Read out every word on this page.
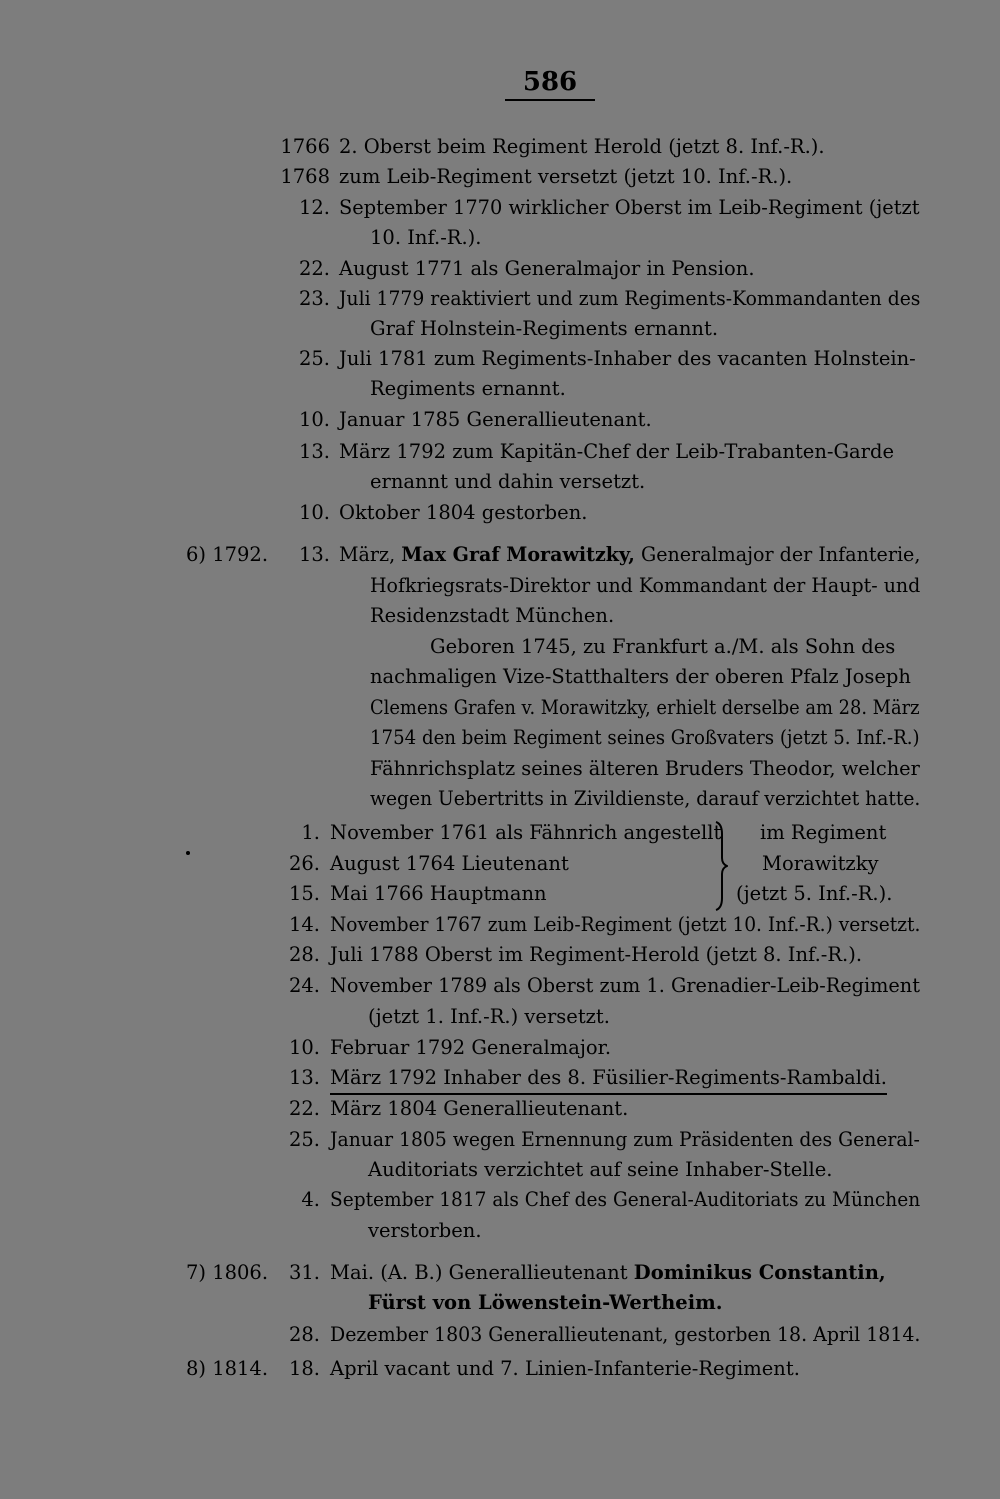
586
1766 2. Oberst beim Regiment Herold (jetzt 8. Inf.-R.).
1768 zum Leib-Regiment versetzt (jetzt 10. Inf.-R.).
12. September 1770 wirklicher Oberst im Leib-Regiment (jetzt
10. Inf.-R.).
22. August 1771 als Generalmajor in Pension.
23. Juli 1779 reaktiviert und zum Regiments-Kommandanten des
Graf Holnstein-Regiments ernannt.
25. Juli 1781 zum Regiments-Inhaber des vacanten Holnstein-
Regiments ernannt.
10. Januar 1785 Generallieutenant.
13. März 1792 zum Kapitän-Chef der Leib-Trabanten-Garde
ernannt und dahin versetzt.
10. Oktober 1804 gestorben.
6) 1792.	13. März, Max Graf Morawitzky, Generalmajor der Infanterie,
Hofkriegsrats-Direktor und Kommandant der Haupt- und
Residenzstadt München.
Geboren 1745, zu Frankfurt a./M. als Sohn des
nachmaligen Vize-Statthalters der oberen Pfalz Joseph
Clemens Grafen v. Morawitzky, erhielt derselbe am 28. März
1754 den beim Regiment seines Großvaters (jetzt 5. Inf.-R.)
Fähnrichsplatz seines älteren Bruders Theodor, welcher
wegen Uebertritts in Zivildienste, darauf verzichtet hatte.
1. November 1761 als Fähnrich angestellt im Regiment
26. August 1764 Lieutenant	Morawitzky
15. Mai 1766 Hauptmann	(jetzt 5. Inf.-R.).
14. November 1767 zum Leib-Regiment (jetzt 10. Inf.-R.) versetzt.
28. Juli 1788 Oberst im Regiment-Herold (jetzt 8. Inf.-R.).
24. November 1789 als Oberst zum 1. Grenadier-Leib-Regiment
(jetzt 1. Inf.-R.) versetzt.
10. Februar 1792 Generalmajor.
13. März 1792 Inhaber des 8. Füsilier-Regiments-Rambaldi.
22. März 1804 Generallieutenant.
25. Januar 1805 wegen Ernennung zum Präsidenten des General-
Auditoriats verzichtet auf seine Inhaber-Stelle.
4. September 1817 als Chef des General-Auditoriats zu München
verstorben.
7) 1806.	31. Mai. (A. B.) Generallieutenant Dominikus Constantin,
Fürst von Löwenstein-Wertheim.
28. Dezember 1803 Generallieutenant, gestorben 18. April 1814.
8) 1814.	18. April vacant und 7. Linien-Infanterie-Regiment.
